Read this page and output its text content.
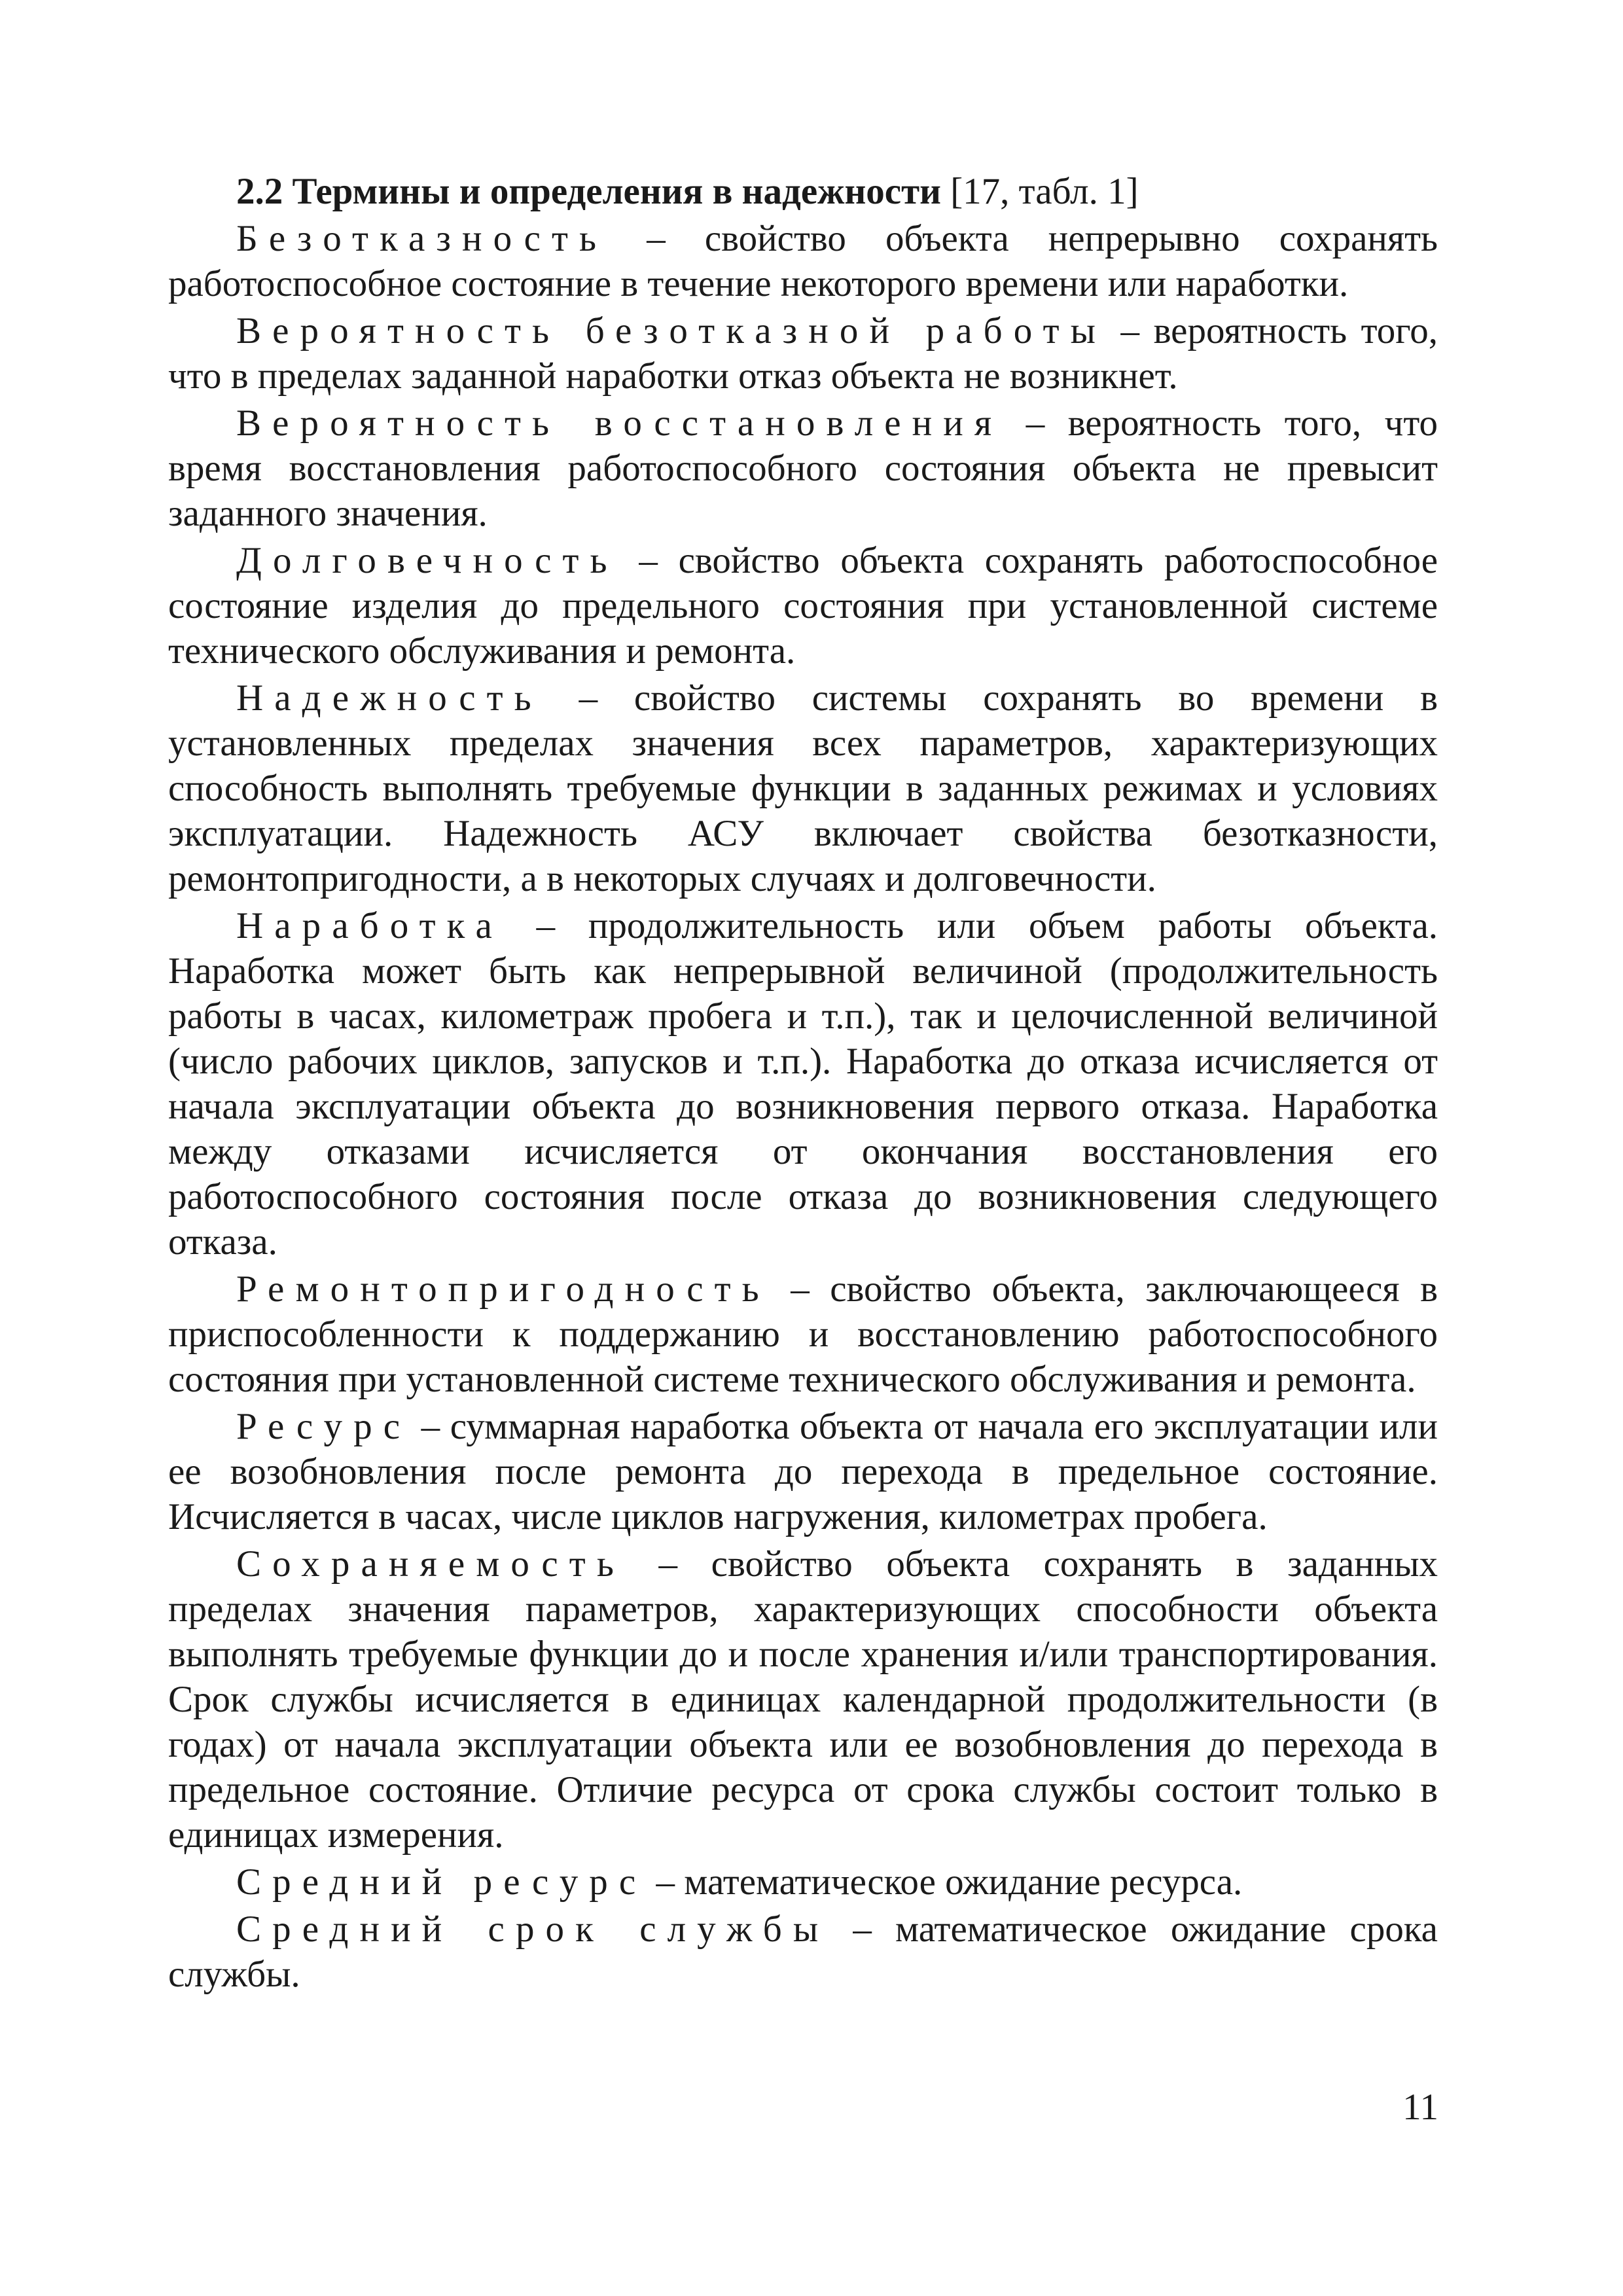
2.2 Термины и определения в надежности [17, табл. 1]

Безотказность – свойство объекта непрерывно сохранять работоспособное состояние в течение некоторого времени или наработки.

Вероятность безотказной работы – вероятность того, что в пределах заданной наработки отказ объекта не возникнет.

Вероятность восстановления – вероятность того, что время восстановления работоспособного состояния объекта не превысит заданного значения.

Долговечность – свойство объекта сохранять работоспособное состояние изделия до предельного состояния при установленной системе технического обслуживания и ремонта.

Надежность – свойство системы сохранять во времени в установленных пределах значения всех параметров, характеризующих способность выполнять требуемые функции в заданных режимах и условиях эксплуатации. Надежность АСУ включает свойства безотказности, ремонтопригодности, а в некоторых случаях и долговечности.

Наработка – продолжительность или объем работы объекта. Наработка может быть как непрерывной величиной (продолжительность работы в часах, километраж пробега и т.п.), так и целочисленной величиной (число рабочих циклов, запусков и т.п.). Наработка до отказа исчисляется от начала эксплуатации объекта до возникновения первого отказа. Наработка между отказами исчисляется от окончания восстановления его работоспособного состояния после отказа до возникновения следующего отказа.

Ремонтопригодность – свойство объекта, заключающееся в приспособленности к поддержанию и восстановлению работоспособного состояния при установленной системе технического обслуживания и ремонта.

Ресурс – суммарная наработка объекта от начала его эксплуатации или ее возобновления после ремонта до перехода в предельное состояние. Исчисляется в часах, числе циклов нагружения, километрах пробега.

Сохраняемость – свойство объекта сохранять в заданных пределах значения параметров, характеризующих способности объекта выполнять требуемые функции до и после хранения и/или транспортирования. Срок службы исчисляется в единицах календарной продолжительности (в годах) от начала эксплуатации объекта или ее возобновления до перехода в предельное состояние. Отличие ресурса от срока службы состоит только в единицах измерения.

Средний ресурс – математическое ожидание ресурса.

Средний срок службы – математическое ожидание срока службы.

11
